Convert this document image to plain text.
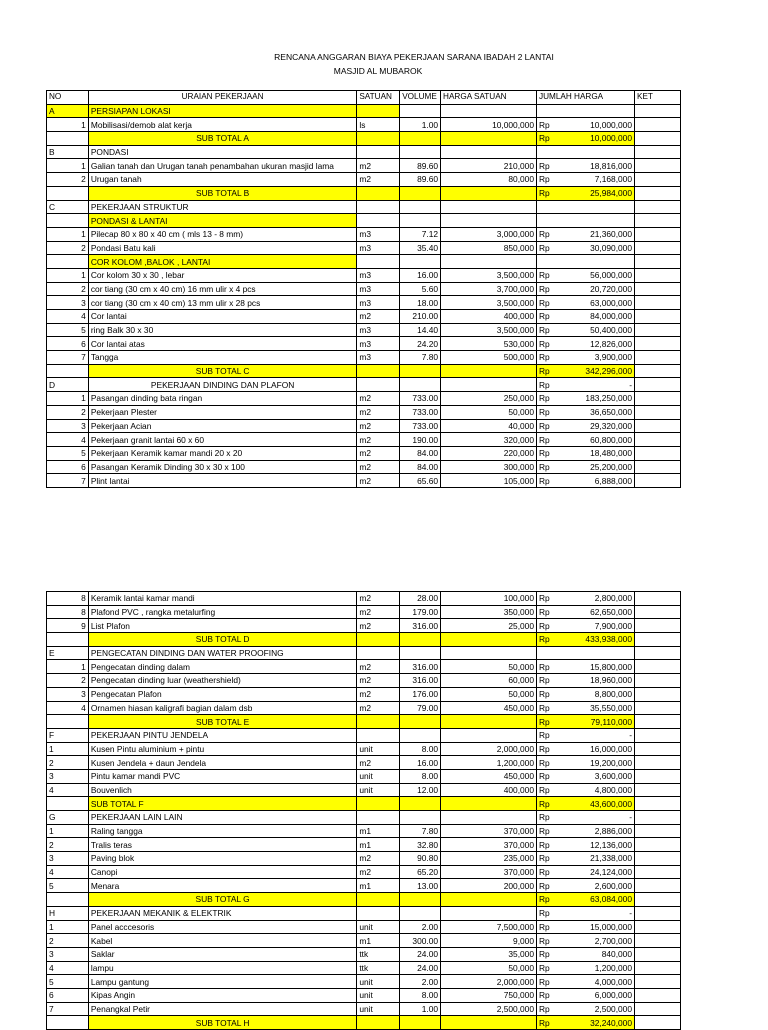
RENCANA ANGGARAN BIAYA PEKERJAAN SARANA IBADAH 2 LANTAI
MASJID AL MUBAROK
NO	URAIAN PEKERJAAN	SATUAN	VOLUME	HARGA SATUAN	JUMLAH HARGA	KET
A	PERSIAPAN LOKASI					
1	Mobilisasi/demob alat kerja	ls	1.00	10,000,000	Rp 10,000,000	

	SUB TOTAL A				Rp 10,000,000	

B	PONDASI					
1	Galian tanah dan Urugan tanah penambahan ukuran masjid lama	m2	89.60	210,000	Rp 18,816,000	

2	Urugan tanah	m2	89.60	80,000	Rp 7,168,000	

	SUB TOTAL B				Rp 25,984,000	

C	PEKERJAAN STRUKTUR					
	PONDASI & LANTAI					
1	Pilecap 80 x 80 x 40 cm ( mls 13 - 8 mm)	m3	7.12	3,000,000	Rp 21,360,000	

2	Pondasi Batu kali	m3	35.40	850,000	Rp 30,090,000	

	COR KOLOM ,BALOK , LANTAI					
1	Cor kolom 30 x 30 , lebar	m3	16.00	3,500,000	Rp 56,000,000	

2	cor tiang (30 cm x 40 cm) 16 mm ulir x 4 pcs	m3	5.60	3,700,000	Rp 20,720,000	

3	cor tiang (30 cm x 40 cm) 13 mm ulir x 28 pcs	m3	18.00	3,500,000	Rp 63,000,000	

4	Cor lantai	m2	210.00	400,000	Rp 84,000,000	

5	ring Balk 30 x 30	m3	14.40	3,500,000	Rp 50,400,000	

6	Cor lantai atas	m3	24.20	530,000	Rp 12,826,000	

7	Tangga	m3	7.80	500,000	Rp 3,900,000	

	SUB TOTAL C				Rp 342,296,000	

D	PEKERJAAN DINDING DAN PLAFON				Rp -	

1	Pasangan dinding bata ringan	m2	733.00	250,000	Rp 183,250,000	

2	Pekerjaan Plester	m2	733.00	50,000	Rp 36,650,000	

3	Pekerjaan Acian	m2	733.00	40,000	Rp 29,320,000	

4	Pekerjaan granit lantai 60 x 60	m2	190.00	320,000	Rp 60,800,000	

5	Pekerjaan Keramik kamar mandi 20 x 20	m2	84.00	220,000	Rp 18,480,000	

6	Pasangan Keramik Dinding 30 x 30 x 100	m2	84.00	300,000	Rp 25,200,000	

7	Plint lantai	m2	65.60	105,000	Rp 6,888,000	

8	Keramik lantai kamar mandi	m2	28.00	100,000	Rp 2,800,000	

8	Plafond PVC , rangka metalurfing	m2	179.00	350,000	Rp 62,650,000	

9	List Plafon	m2	316.00	25,000	Rp 7,900,000	

	SUB TOTAL D				Rp 433,938,000	

E	PENGECATAN DINDING DAN WATER PROOFING					
1	Pengecatan dinding dalam	m2	316.00	50,000	Rp 15,800,000	

2	Pengecatan dinding luar (weathershield)	m2	316.00	60,000	Rp 18,960,000	

3	Pengecatan Plafon	m2	176.00	50,000	Rp 8,800,000	

4	Ornamen hiasan kaligrafi bagian dalam dsb	m2	79.00	450,000	Rp 35,550,000	

	SUB TOTAL E				Rp 79,110,000	

F	PEKERJAAN PINTU JENDELA				Rp -	

1	Kusen Pintu aluminium + pintu	unit	8.00	2,000,000	Rp 16,000,000	

2	Kusen Jendela + daun Jendela	m2	16.00	1,200,000	Rp 19,200,000	

3	Pintu kamar mandi PVC	unit	8.00	450,000	Rp 3,600,000	

4	Bouvenlich	unit	12.00	400,000	Rp 4,800,000	

	SUB TOTAL F				Rp 43,600,000	

G	PEKERJAAN LAIN LAIN				Rp -	

1	Raling tangga	m1	7.80	370,000	Rp 2,886,000	

2	Tralis teras	m1	32.80	370,000	Rp 12,136,000	

3	Paving blok	m2	90.80	235,000	Rp 21,338,000	

4	Canopi	m2	65.20	370,000	Rp 24,124,000	

5	Menara	m1	13.00	200,000	Rp 2,600,000	

	SUB TOTAL G				Rp 63,084,000	

H	PEKERJAAN MEKANIK & ELEKTRIK				Rp -	

1	Panel acccesoris	unit	2.00	7,500,000	Rp 15,000,000	

2	Kabel	m1	300.00	9,000	Rp 2,700,000	

3	Saklar	ttk	24.00	35,000	Rp 840,000	

4	lampu	ttk	24.00	50,000	Rp 1,200,000	

5	Lampu gantung	unit	2.00	2,000,000	Rp 4,000,000	

6	Kipas Angin	unit	8.00	750,000	Rp 6,000,000	

7	Penangkal Petir	unit	1.00	2,500,000	Rp 2,500,000	

	SUB TOTAL H				Rp 32,240,000	
